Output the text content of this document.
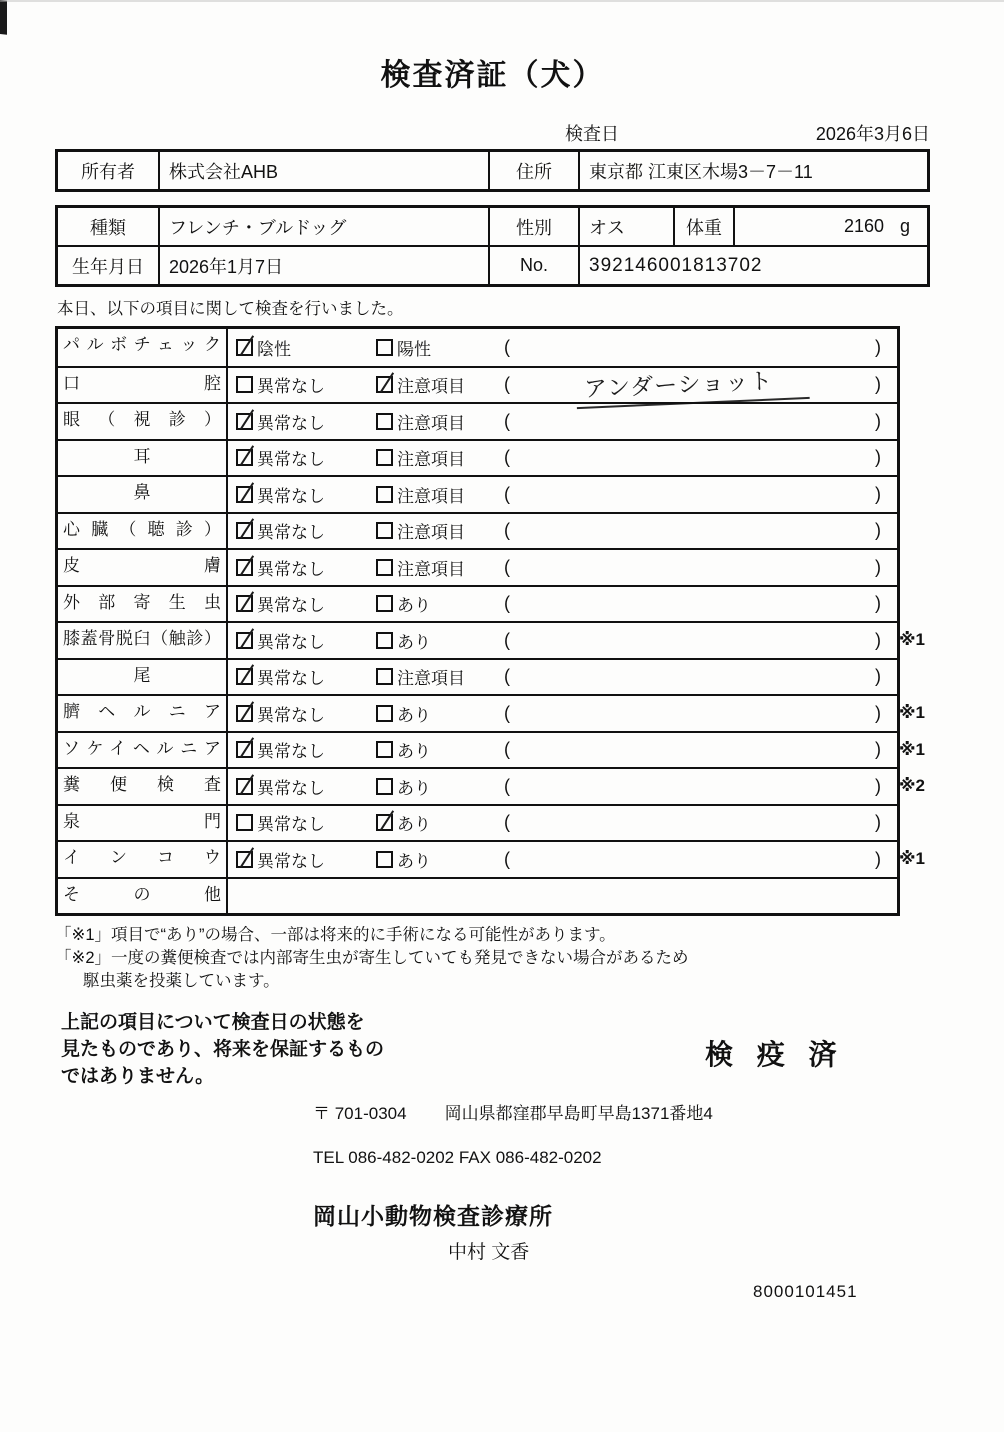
検査済証（犬）
検査日	2026年3月6日
所有者	株式会社AHB	住所	東京都 江東区木場3－7－11
種類	フレンチ・ブルドッグ	性別	オス	体重	2160 g
生年月日	2026年1月7日	No.	392146001813702
本日、以下の項目に関して検査を行いました。
パルボチェック	陰性	陽性	(	)
口 腔	異常なし	注意項目 (	アンダーショット	)
眼 （ 視 診 ）	異常なし	注意項目 (	)
耳	異常なし	注意項目 (	)
鼻	異常なし	注意項目 (	)
心 臓 （ 聴 診 ）	異常なし	注意項目 (	)
皮 膚	異常なし	注意項目 (	)
外 部 寄 生 虫	異常なし	あり	(	)
膝蓋骨脱臼（触診）	異常なし	あり	(	) ※1
尾	異常なし	注意項目 (	)
臍 ヘ ル ニ ア	異常なし	あり	(	) ※1
ソケイヘルニア	異常なし	あり	(	) ※1
糞 便 検 査	異常なし	あり	(	) ※2
泉 門	異常なし	あり	(	)
イ ン コ ウ	異常なし	あり	(	) ※1
そ の 他
「※1」項目で“あり”の場合、一部は将来的に手術になる可能性があります。
「※2」一度の糞便検査では内部寄生虫が寄生していても発見できない場合があるため
駆虫薬を投薬しています。
上記の項目について検査日の状態を
見たものであり、将来を保証するもの
ではありません。
検 疫 済
〒 701-0304 岡山県都窪郡早島町早島1371番地4
TEL 086-482-0202 FAX 086-482-0202
岡山小動物検査診療所
中村 文香
8000101451
